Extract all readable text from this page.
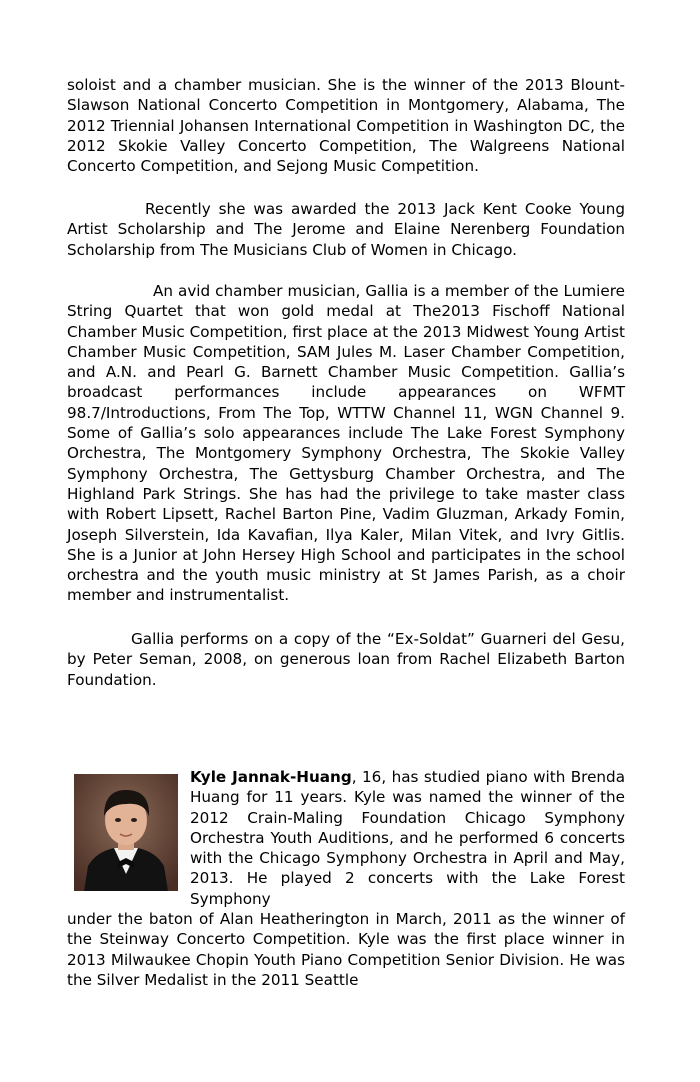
soloist and a chamber musician. She is the winner of the 2013 Blount- Slawson National Concerto Competition in Montgomery, Alabama, The 2012 Triennial Johansen International Competition in Washington DC, the 2012 Skokie Valley Concerto Competition, The Walgreens National Concerto Competition, and Sejong Music Competition.

Recently she was awarded the 2013 Jack Kent Cooke Young Artist Scholarship and The Jerome and Elaine Nerenberg Foundation Scholarship from The Musicians Club of Women in Chicago.

An avid chamber musician, Gallia is a member of the Lumiere String Quartet that won gold medal at The2013 Fischoff National Chamber Music Competition, first place at the 2013 Midwest Young Artist Chamber Music Competition, SAM Jules M. Laser Chamber Competition, and A.N. and Pearl G. Barnett Chamber Music Competition. Gallia’s broadcast performances include appearances on WFMT 98.7/Introductions, From The Top, WTTW Channel 11, WGN Channel 9. Some of Gallia’s solo appearances include The Lake Forest Symphony Orchestra, The Montgomery Symphony Orchestra, The Skokie Valley Symphony Orchestra, The Gettysburg Chamber Orchestra, and The Highland Park Strings. She has had the privilege to take master class with Robert Lipsett, Rachel Barton Pine, Vadim Gluzman, Arkady Fomin, Joseph Silverstein, Ida Kavafian, Ilya Kaler, Milan Vitek, and Ivry Gitlis. She is a Junior at John Hersey High School and participates in the school orchestra and the youth music ministry at St James Parish, as a choir member and instrumentalist.

Gallia performs on a copy of the “Ex-Soldat” Guarneri del Gesu, by Peter Seman, 2008, on generous loan from Rachel Elizabeth Barton Foundation.

Kyle Jannak-Huang, 16, has studied piano with Brenda Huang for 11 years. Kyle was named the winner of the 2012 Crain-Maling Foundation Chicago Symphony Orchestra Youth Auditions, and he performed 6 concerts with the Chicago Symphony Orchestra in April and May, 2013. He played 2 concerts with the Lake Forest Symphony

under the baton of Alan Heatherington in March, 2011 as the winner of the Steinway Concerto Competition. Kyle was the first place winner in 2013 Milwaukee Chopin Youth Piano Competition Senior Division. He was the Silver Medalist in the 2011 Seattle
